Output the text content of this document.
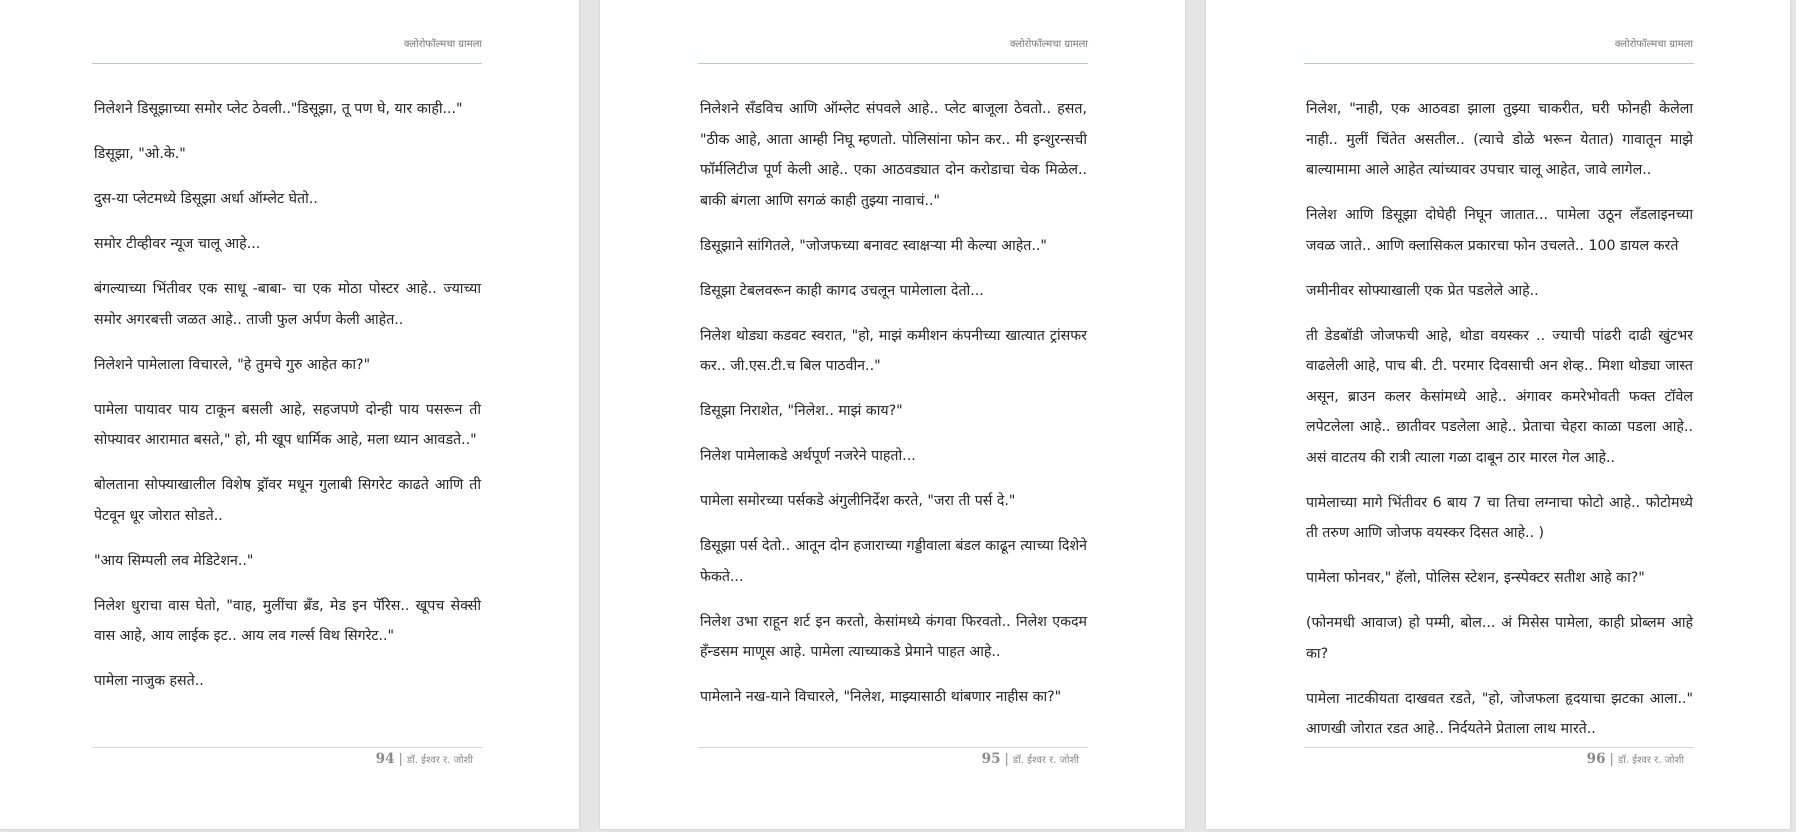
क्लोरोफॉल्मचा ग्रामला

निलेशने डिसूझाच्या समोर प्लेट ठेवली.."डिसूझा, तू पण घे, यार काही..."

डिसूझा, "ओ.के."

दुस-या प्लेटमध्ये डिसूझा अर्धा ऑम्लेट घेतो..

समोर टीव्हीवर न्यूज चालू आहे...

बंगल्याच्या भिंतीवर एक साधू -बाबा- चा एक मोठा पोस्टर आहे.. ज्याच्या समोर अगरबत्ती जळत आहे.. ताजी फुल अर्पण केली आहेत..

निलेशने पामेलाला विचारले, "हे तुमचे गुरु आहेत का?"

पामेला पायावर पाय टाकून बसली आहे, सहजपणे दोन्ही पाय पसरून ती सोफ्यावर आरामात बसते," हो, मी खूप धार्मिक आहे, मला ध्यान आवडते.."

बोलताना सोफ्याखालील विशेष ड्रॉवर मधून गुलाबी सिगरेट काढते आणि ती पेटवून धूर जोरात सोडते..

"आय सिम्पली लव मेडिटेशन.."

निलेश धुराचा वास घेतो, "वाह, मुलींचा ब्रँड, मेड इन पॅरिस.. खूपच सेक्सी वास आहे, आय लाईक इट.. आय लव गर्ल्स विथ सिगरेट.."

पामेला नाजुक हसते..

94 | डॉ. ईश्वर र. जोशी
क्लोरोफॉल्मचा ग्रामला

निलेशने सँडविच आणि ऑम्लेट संपवले आहे.. प्लेट बाजूला ठेवतो.. हसत, "ठीक आहे, आता आम्ही निघू म्हणतो. पोलिसांना फोन कर.. मी इन्शुरन्सची फॉर्मलिटीज पूर्ण केली आहे.. एका आठवड्यात दोन करोडाचा चेक मिळेल.. बाकी बंगला आणि सगळं काही तुझ्या नावाचं.."

डिसूझाने सांगितले, "जोजफच्या बनावट स्वाक्षऱ्या मी केल्या आहेत.."

डिसूझा टेबलवरून काही कागद उचलून पामेलाला देतो...

निलेश थोड्या कडवट स्वरात, "हो, माझं कमीशन कंपनीच्या खात्यात ट्रांसफर कर.. जी.एस.टी.च बिल पाठवीन.."

डिसूझा निराशेत, "निलेश.. माझं काय?"

निलेश पामेलाकडे अर्थपूर्ण नजरेने पाहतो...

पामेला समोरच्या पर्सकडे अंगुलीनिर्देश करते, "जरा ती पर्स दे."

डिसूझा पर्स देतो.. आतून दोन हजाराच्या गड्डीवाला बंडल काढून त्याच्या दिशेने फेकते...

निलेश उभा राहून शर्ट इन करतो, केसांमध्ये कंगवा फिरवतो.. निलेश एकदम हँन्डसम माणूस आहे. पामेला त्याच्याकडे प्रेमाने पाहत आहे..

पामेलाने नख-याने विचारले, "निलेश, माझ्यासाठी थांबणार नाहीस का?"

95 | डॉ. ईश्वर र. जोशी
क्लोरोफॉल्मचा ग्रामला

निलेश, "नाही, एक आठवडा झाला तुझ्या चाकरीत, घरी फोनही केलेला नाही.. मुलीं चिंतेत असतील.. (त्याचे डोळे भरून येतात) गावातून माझे बाल्यामामा आले आहेत त्यांच्यावर उपचार चालू आहेत, जावे लागेल..

निलेश आणि डिसूझा दोघेही निघून जातात... पामेला उठून लँडलाइनच्या जवळ जाते.. आणि क्लासिकल प्रकारचा फोन उचलते.. 100 डायल करते

जमीनीवर सोफ्याखाली एक प्रेत पडलेले आहे..

ती डेडबॉडी जोजफची आहे, थोडा वयस्कर .. ज्याची पांढरी दाढी खुंटभर वाढलेली आहे, पाच बी. टी. परमार दिवसाची अन शेव्ह.. मिशा थोड्या जास्त असून, ब्राउन कलर केसांमध्ये आहे.. अंगावर कमरेभोवती फक्त टॉवेल लपेटलेला आहे.. छातीवर पडलेला आहे.. प्रेताचा चेहरा काळा पडला आहे.. असं वाटतय की रात्री त्याला गळा दाबून ठार मारल गेल आहे..

पामेलाच्या मागे भिंतीवर 6 बाय 7 चा तिचा लग्नाचा फोटो आहे.. फोटोमध्ये ती तरुण आणि जोजफ वयस्कर दिसत आहे.. )

पामेला फोनवर," हॅलो, पोलिस स्टेशन, इन्स्पेक्टर सतीश आहे का?"

(फोनमधी आवाज) हो पम्मी, बोल... अं मिसेस पामेला, काही प्रोब्लम आहे का?

पामेला नाटकीयता दाखवत रडते, "हो, जोजफला हृदयाचा झटका आला.." आणखी जोरात रडत आहे.. निर्दयतेने प्रेताला लाथ मारते..

96 | डॉ. ईश्वर र. जोशी
